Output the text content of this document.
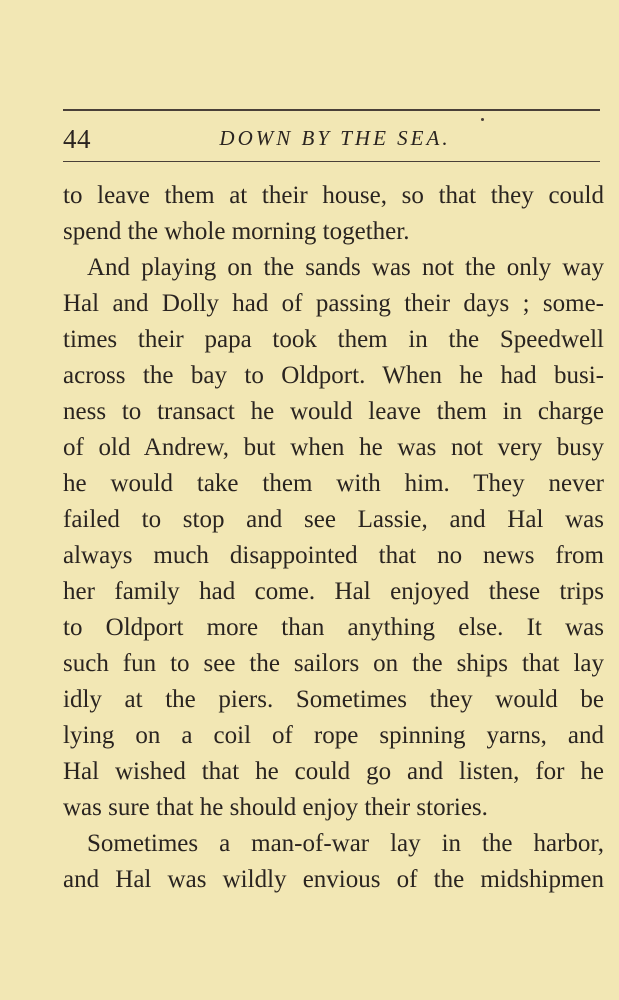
44	DOWN BY THE SEA.
to leave them at their house, so that they could
spend the whole morning together.
And playing on the sands was not the only way
Hal and Dolly had of passing their days ; some-
times their papa took them in the Speedwell
across the bay to Oldport. When he had busi-
ness to transact he would leave them in charge
of old Andrew, but when he was not very busy
he would take them with him. They never
failed to stop and see Lassie, and Hal was
always much disappointed that no news from
her family had come. Hal enjoyed these trips
to Oldport more than anything else. It was
such fun to see the sailors on the ships that lay
idly at the piers. Sometimes they would be
lying on a coil of rope spinning yarns, and
Hal wished that he could go and listen, for he
was sure that he should enjoy their stories.
Sometimes a man-of-war lay in the harbor,
and Hal was wildly envious of the midshipmen
